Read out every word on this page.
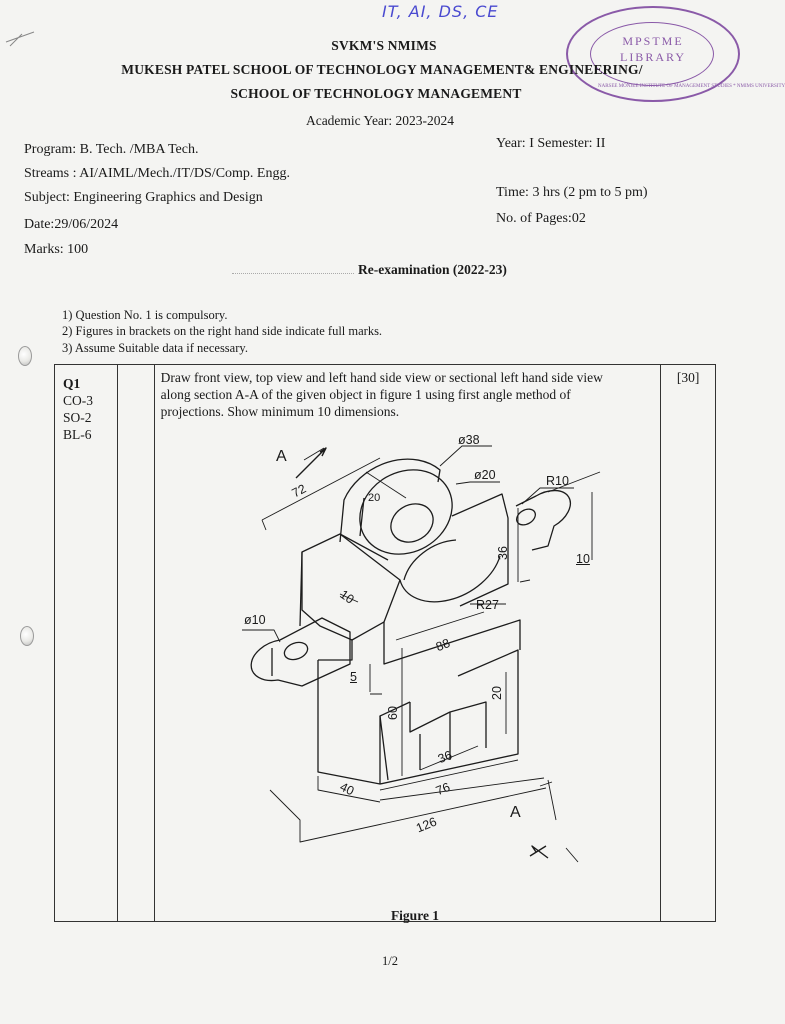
IT, AI, DS, CE
MPSTME
LIBRARY
NARSEE MONJEE INSTITUTE OF MANAGEMENT STUDIES * NMIMS UNIVERSITY
SVKM'S NMIMS
MUKESH PATEL SCHOOL OF TECHNOLOGY MANAGEMENT& ENGINEERING/
SCHOOL OF TECHNOLOGY MANAGEMENT
Academic Year: 2023-2024
Program: B. Tech. /MBA Tech.
Streams : AI/AIML/Mech./IT/DS/Comp. Engg.
Subject: Engineering Graphics and Design
Date:29/06/2024
Marks: 100
Year: I Semester: II
Time: 3 hrs (2 pm to 5 pm)
No. of Pages:02
Re-examination (2022-23)
1) Question No. 1 is compulsory.
2) Figures in brackets on the right hand side indicate full marks.
3) Assume Suitable data if necessary.
Q1
CO-3
SO-2
BL-6

Draw front view, top view and left hand side view or sectional left hand side view
along section A-A of the given object in figure 1 using first angle method of
projections. Show minimum 10 dimensions.

[30]
A
A
ø38
ø20	R10
ø10
72	20
36	10
10	R27
88
5
60
20
36
40	76
126
Figure 1
1/2
